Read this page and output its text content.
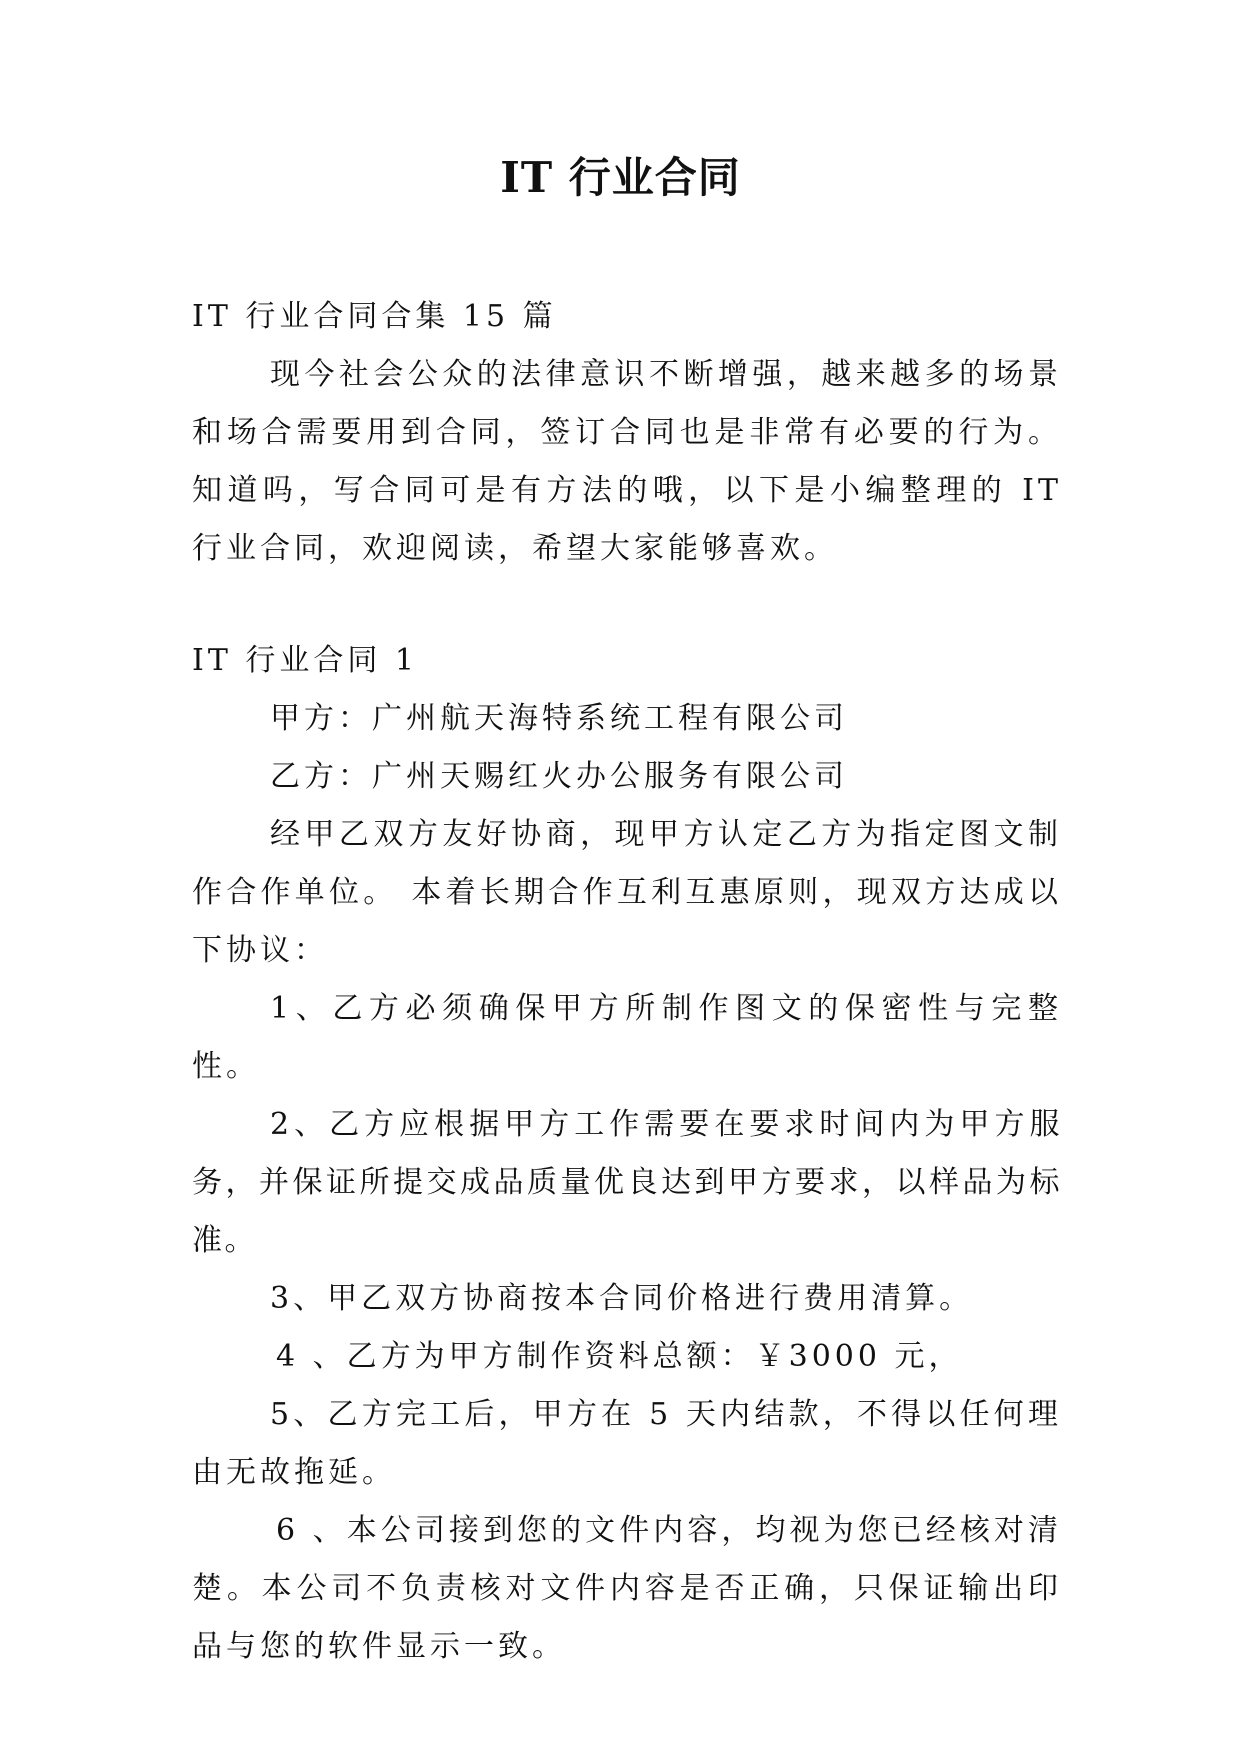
IT 行业合同

IT 行业合同合集 15 篇

现今社会公众的法律意识不断增强，越来越多的场景和场合需要用到合同，签订合同也是非常有必要的行为。知道吗，写合同可是有方法的哦，以下是小编整理的 IT 行业合同，欢迎阅读，希望大家能够喜欢。

IT 行业合同 1

甲方：广州航天海特系统工程有限公司

乙方：广州天赐红火办公服务有限公司

经甲乙双方友好协商，现甲方认定乙方为指定图文制作合作单位。 本着长期合作互利互惠原则，现双方达成以下协议：

1、乙方必须确保甲方所制作图文的保密性与完整性。

2、乙方应根据甲方工作需要在要求时间内为甲方服务，并保证所提交成品质量优良达到甲方要求，以样品为标准。

3、甲乙双方协商按本合同价格进行费用清算。

4 、乙方为甲方制作资料总额：￥3000 元，

5、乙方完工后，甲方在 5 天内结款，不得以任何理由无故拖延。

6 、本公司接到您的文件内容，均视为您已经核对清楚。本公司不负责核对文件内容是否正确，只保证输出印品与您的软件显示一致。
